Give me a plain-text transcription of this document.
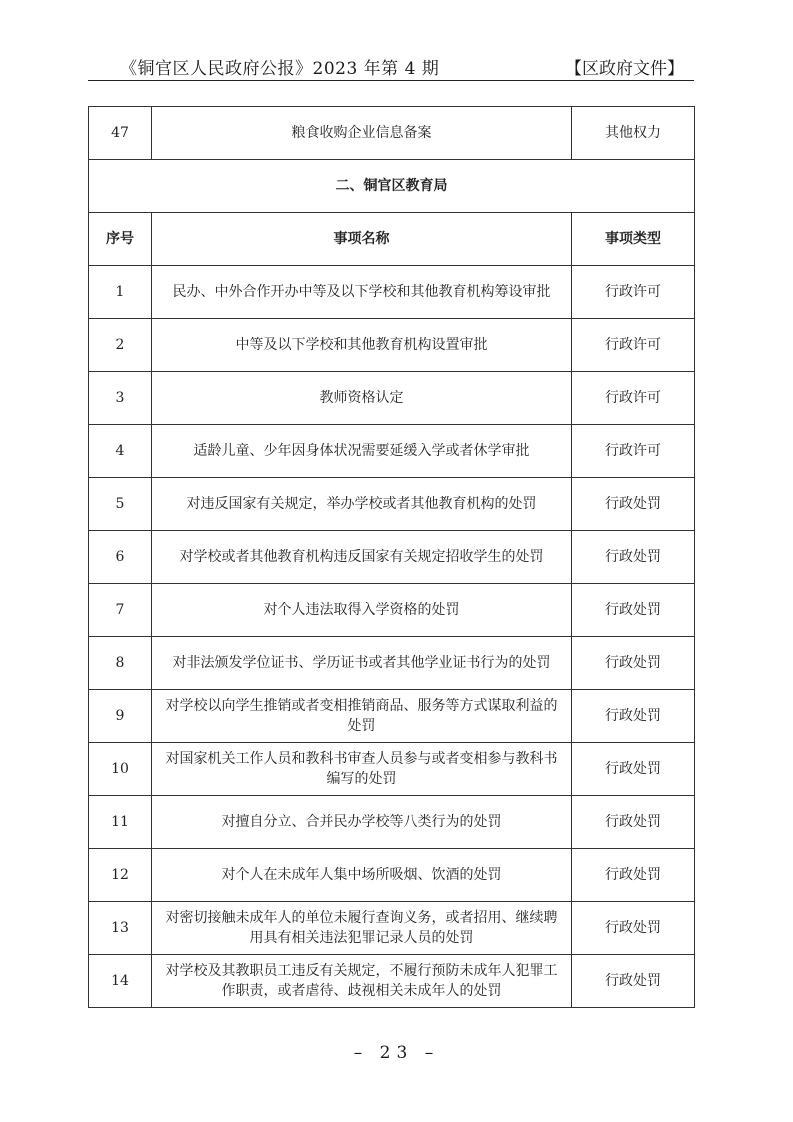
《铜官区人民政府公报》2023 年第 4 期	【区政府文件】
47	粮食收购企业信息备案	其他权力
二、铜官区教育局		
序号	事项名称	事项类型
1	民办、中外合作开办中等及以下学校和其他教育机构筹设审批	行政许可
2	中等及以下学校和其他教育机构设置审批	行政许可
3	教师资格认定	行政许可
4	适龄儿童、少年因身体状况需要延缓入学或者休学审批	行政许可
5	对违反国家有关规定，举办学校或者其他教育机构的处罚	行政处罚
6	对学校或者其他教育机构违反国家有关规定招收学生的处罚	行政处罚
7	对个人违法取得入学资格的处罚	行政处罚
8	对非法颁发学位证书、学历证书或者其他学业证书行为的处罚	行政处罚
9	对学校以向学生推销或者变相推销商品、服务等方式谋取利益的处罚	行政处罚
10	对国家机关工作人员和教科书审查人员参与或者变相参与教科书编写的处罚	行政处罚
11	对擅自分立、合并民办学校等八类行为的处罚	行政处罚
12	对个人在未成年人集中场所吸烟、饮酒的处罚	行政处罚
13	对密切接触未成年人的单位未履行查询义务，或者招用、继续聘用具有相关违法犯罪记录人员的处罚	行政处罚
14	对学校及其教职员工违反有关规定，不履行预防未成年人犯罪工作职责，或者虐待、歧视相关未成年人的处罚	行政处罚
– 23 –
